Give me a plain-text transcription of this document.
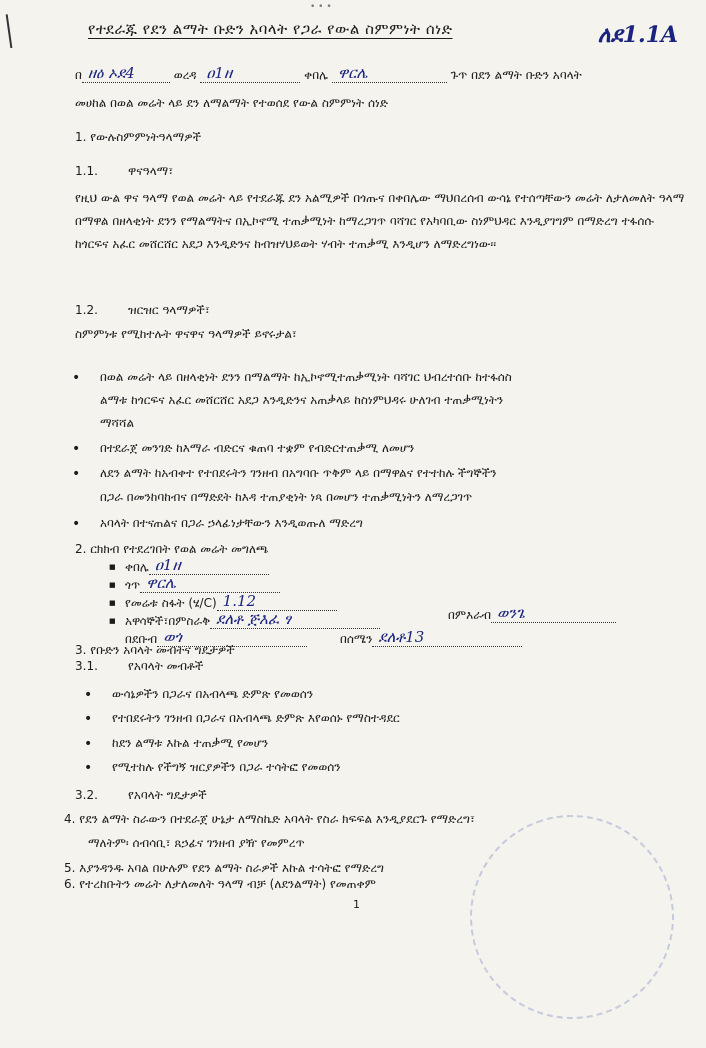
• • •
የተደራጁ የደን ልማት ቡድን አባላት የጋራ የውል ስምምነት ሰነድ	ለደ1.1A
በ ዘዕ ኦደ4	ወረዳ ዐ1ዘ	ቀበሌ ዋርሌ	ጉጥ በደን ልማት ቡድን አባላት
መሀከል በወል መሬት ላይ ደን ለማልማት የተወሰደ የውል ስምምነት ሰነድ
1. የውሉስምምነትዓላማዎች
1.1.	ዋናዓላማ፣
የዚህ ውል ዋና ዓላማ የወል መሬት ላይ የተደራጁ ደን አልሚዎች በጎጡና በቀበሌው ማህበረሰብ ውሳኔ የተሰጣቸውን መሬት ለታለመለት ዓላማ በማዋል በዘላቂነት ደንን የማልማትና በኢኮኖሚ ተጠቃሚነት ከማረጋገጥ ባሻገር የአካባቢው ስነምህዳር እንዲያገግም በማድረግ ተፋሰሱ ከጎርፍና አፈር መሸርሸር አደጋ እንዲድንና ከብዝሃህይወት ሃብት ተጠቃሚ እንዲሆን ለማድረግነው፡፡
1.2.	ዝርዝር ዓላማዎች፣
ስምምነቱ የሚከተሉት ዋናዋና ዓላማዎች ይኖሩታል፣
• በወል መሬት ላይ በዘላቂነት ደንን በማልማት ከኢኮኖሚተጠቃሚነት ባሻገር ህብረተሰቡ ከተፋሰስ
ልማቱ ከጎርፍና አፈር መሸርሸር አደጋ እንዲድንና አጠቃላይ ከስነምህዳሩ ሁለገብ ተጠቃሚነትን
ማሻሻል
• በተደራጀ መንገድ ከእማራ ብድርና ቁጠባ ተቋም የብድርተጠቃሚ ለመሆን
• ለደን ልማት ከአብቀተ የተበደሩትን ገንዘብ በአግባቡ ጥቅም ላይ በማዋልና የተተከሉ ችግኞችን
በጋራ በመንከባከብና በማድደት ከእዳ ተጠያቂነት ነጻ በመሆን ተጠቃሚነትን ለማረጋገጥ
• አባላት በተናጠልና በጋራ ኃላፊነታቸውን እንዲወጡለ ማድረግ
2. ርክክብ የተደረገበት የወል መሬት መግለጫ
■ ቀበሌ ዐ1ዘ
■ ጎጥ ዋርሌ
■ የመሬቱ ስፋት (ሄ/C) 1.12
■ አዋሳኞች፣በምስራቅ ደለቶ ጅእፈ ፃ	በምእራብ ወንጌ
በደቡብ ወጎ	በሰሜን ደለቶ13
3. የቡድን አባላት መብትና ግዴታዎች
3.1.	የአባላት መብቶች
• ውሳኔዎችን በጋራና በአብላጫ ድምጽ የመወሰን
• የተበደሩትን ገንዘብ በጋራና በአብላጫ ድምጽ እየወሰኑ የማስተዳደር
• ከደን ልማቱ እኩል ተጠቃሚ የመሆን
• የሚተከሉ የችግኝ ዝርያዎችን በጋራ ተሳትፎ የመወሰን
3.2.	የአባላት ግዴታዎች
4. የደን ልማት ስራውን በተደራጀ ሁኔታ ለማስኬድ አባላት የስራ ክፍፍል እንዲያደርጉ የማድረግ፣
ማለትም፡ ሰብሳቢ፣ ጸኃፊና ገንዘብ ያዥ የመምረጥ
5. እያንዳንዱ አባል በሁሉም የደን ልማት ስራዎች እኩል ተሳትፎ የማድረግ
6. የተረከቡትን መሬት ለታለመለት ዓላማ ብቻ (ለደንልማት) የመጠቀም
1
